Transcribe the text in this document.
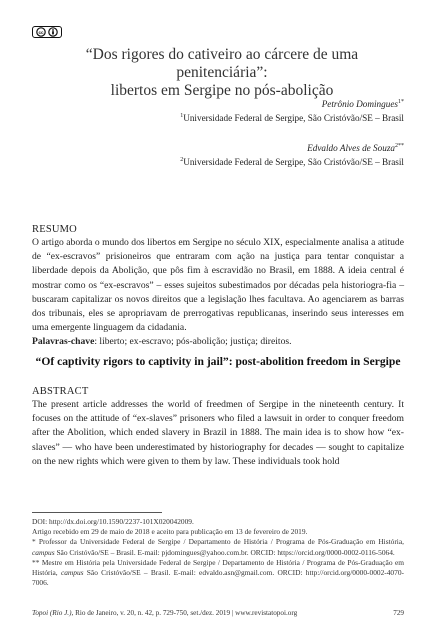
cc
“Dos rigores do cativeiro ao cárcere de uma penitenciária”:
libertos em Sergipe no pós-abolição
Petrônio Domingues$^{1*}$
$^1$Universidade Federal de Sergipe, São Cristóvão/SE – Brasil
Edvaldo Alves de Souza$^{2**}$
$^2$Universidade Federal de Sergipe, São Cristóvão/SE – Brasil
RESUMO
O artigo aborda o mundo dos libertos em Sergipe no século XIX, especialmente analisa a atitude de “ex-escravos” prisioneiros que entraram com ação na justiça para tentar conquistar a liberdade depois da Abolição, que pôs fim à escravidão no Brasil, em 1888. A ideia central é mostrar como os “ex-escravos” – esses sujeitos subestimados por décadas pela historiogra-fia – buscaram capitalizar os novos direitos que a legislação lhes facultava. Ao agenciarem as barras dos tribunais, eles se apropriavam de prerrogativas republicanas, inserindo seus interesses em uma emergente linguagem da cidadania.
Palavras-chave: liberto; ex-escravo; pós-abolição; justiça; direitos.
“Of captivity rigors to captivity in jail”: post-abolition freedom in Sergipe
ABSTRACT
The present article addresses the world of freedmen of Sergipe in the nineteenth century. It focuses on the attitude of “ex-slaves” prisoners who filed a lawsuit in order to conquer freedom after the Abolition, which ended slavery in Brazil in 1888. The main idea is to show how “ex-slaves” — who have been underestimated by historiography for decades — sought to capitalize on the new rights which were given to them by law. These individuals took hold

DOI: http://dx.doi.org/10.1590/2237-101X020042009.

Artigo recebido em 29 de maio de 2018 e aceito para publicação em 13 de fevereiro de 2019.

* Professor da Universidade Federal de Sergipe / Departamento de História / Programa de Pós-Graduação em História, campus São Cristóvão/SE – Brasil. E-mail: pjdomingues@yahoo.com.br. ORCID: https://orcid.org/0000-0002-0116-5064.

** Mestre em História pela Universidade Federal de Sergipe / Departamento de História / Programa de Pós-Graduação em História, campus São Cristóvão/SE – Brasil. E-mail: edvaldo.asn@gmail.com. ORCID: http://orcid.org/0000-0002-4070-7006.

Topoi (Rio J.), Rio de Janeiro, v. 20, n. 42, p. 729-750, set./dez. 2019 | www.revistatopoi.org	729
